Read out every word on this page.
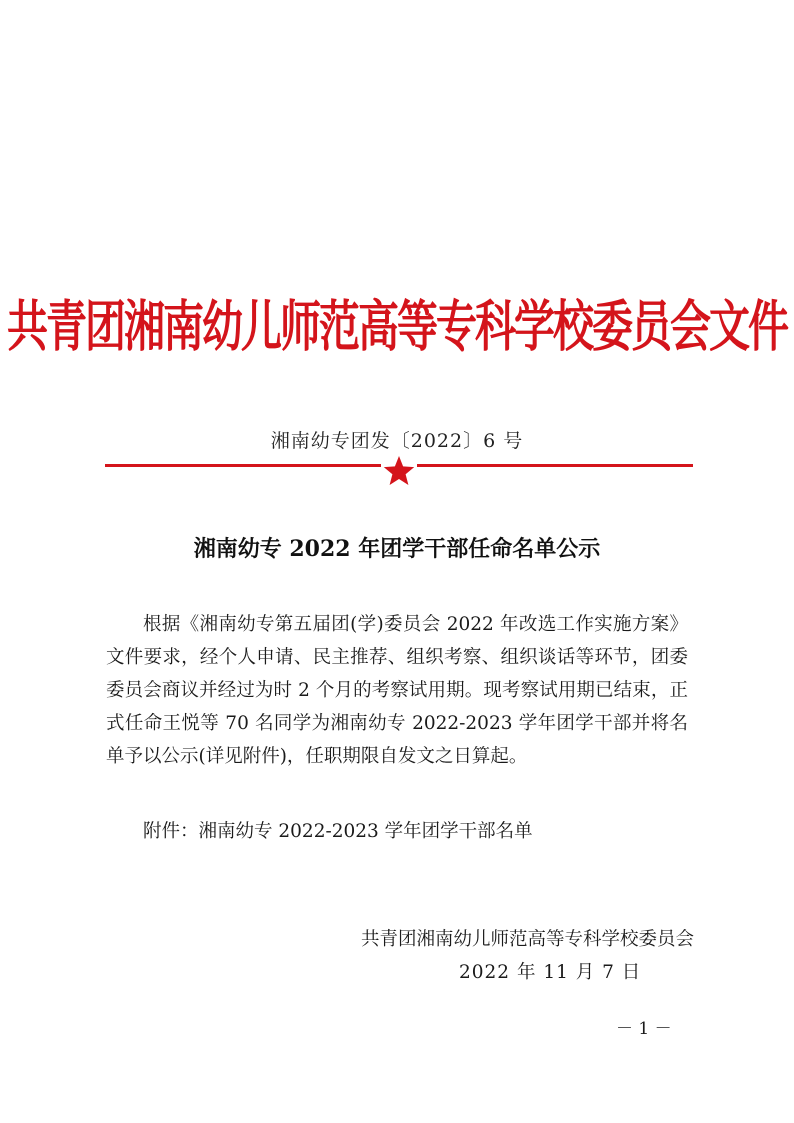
共青团湘南幼儿师范高等专科学校委员会文件
湘南幼专团发〔2022〕6 号
湘南幼专 2022 年团学干部任命名单公示

根据《湘南幼专第五届团(学)委员会 2022 年改选工作实施方案》文件要求，经个人申请、民主推荐、组织考察、组织谈话等环节，团委委员会商议并经过为时 2 个月的考察试用期。现考察试用期已结束，正式任命王悦等 70 名同学为湘南幼专 2022-2023 学年团学干部并将名单予以公示(详见附件)，任职期限自发文之日算起。

附件：湘南幼专 2022-2023 学年团学干部名单
共青团湘南幼儿师范高等专科学校委员会
2022 年 11 月 7 日
－ 1 －
